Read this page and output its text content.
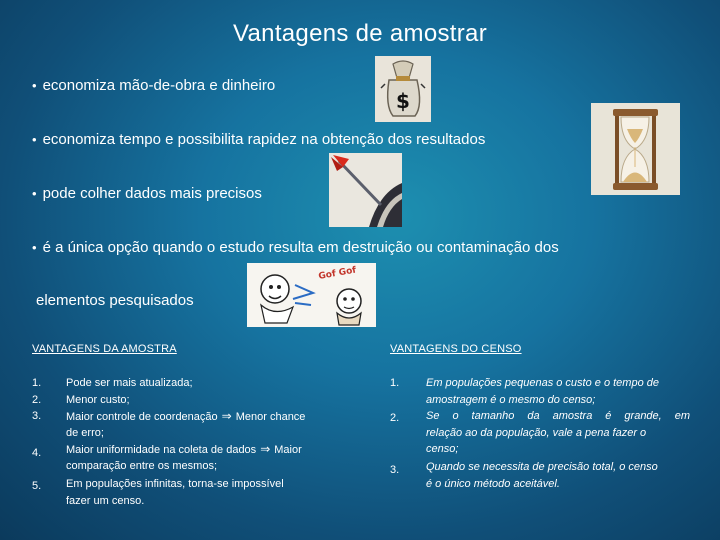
Vantagens de amostrar
• economiza mão-de-obra e dinheiro
• economiza tempo e possibilita rapidez na obtenção dos resultados
• pode colher dados mais precisos
• é a única opção quando o estudo resulta em destruição ou contaminação dos
elementos pesquisados
$
Gof Gof
VANTAGENS DA AMOSTRA
1. Pode ser mais atualizada;
2. Menor custo;
3. Maior controle de coordenação ⇒ Menor chance
de erro;
4. Maior uniformidade na coleta de dados ⇒ Maior
comparação entre os mesmos;
5. Em populações infinitas, torna-se impossível
fazer um censo.
VANTAGENS DO CENSO
1. Em populações pequenas o custo e o tempo de
amostragem é o mesmo do censo;
2. Se o tamanho da amostra é grande, em
relação ao da população, vale a pena fazer o
censo;
3. Quando se necessita de precisão total, o censo
é o único método aceitável.
